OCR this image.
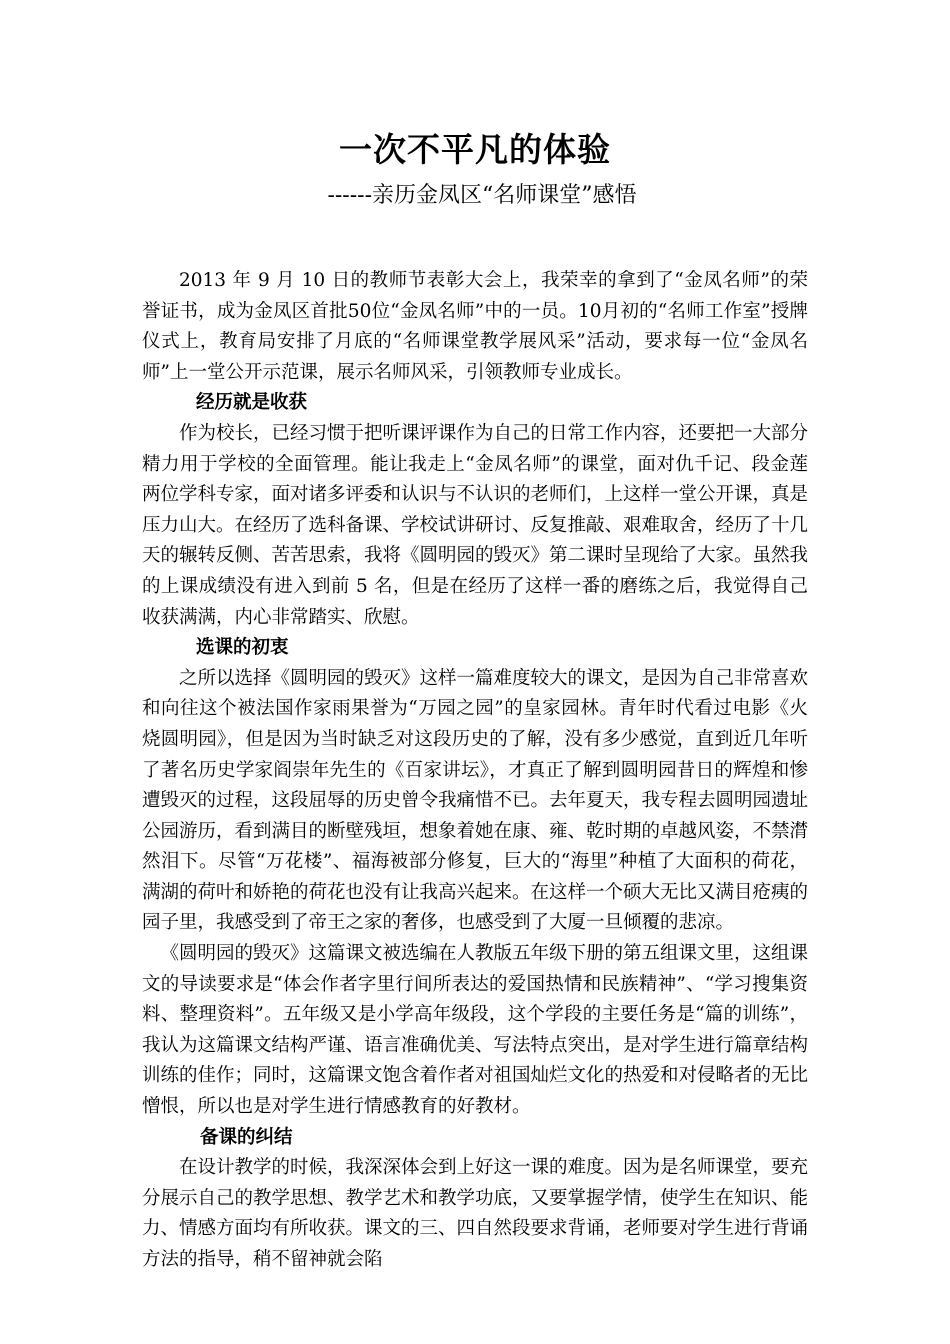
一次不平凡的体验
------亲历金凤区“名师课堂”感悟

2013 年 9 月 10 日的教师节表彰大会上，我荣幸的拿到了“金凤名师”的荣誉证书，成为金凤区首批50位“金凤名师”中的一员。10月初的“名师工作室”授牌仪式上，教育局安排了月底的“名师课堂教学展风采”活动，要求每一位“金凤名师”上一堂公开示范课，展示名师风采，引领教师专业成长。

经历就是收获

作为校长，已经习惯于把听课评课作为自己的日常工作内容，还要把一大部分精力用于学校的全面管理。能让我走上“金凤名师”的课堂，面对仇千记、段金莲两位学科专家，面对诸多评委和认识与不认识的老师们，上这样一堂公开课，真是压力山大。在经历了选科备课、学校试讲研讨、反复推敲、艰难取舍，经历了十几天的辗转反侧、苦苦思索，我将《圆明园的毁灭》第二课时呈现给了大家。虽然我的上课成绩没有进入到前 5 名，但是在经历了这样一番的磨练之后，我觉得自己收获满满，内心非常踏实、欣慰。

选课的初衷

之所以选择《圆明园的毁灭》这样一篇难度较大的课文，是因为自己非常喜欢和向往这个被法国作家雨果誉为“万园之园”的皇家园林。青年时代看过电影《火烧圆明园》，但是因为当时缺乏对这段历史的了解，没有多少感觉，直到近几年听了著名历史学家阎崇年先生的《百家讲坛》，才真正了解到圆明园昔日的辉煌和惨遭毁灭的过程，这段屈辱的历史曾令我痛惜不已。去年夏天，我专程去圆明园遗址公园游历，看到满目的断壁残垣，想象着她在康、雍、乾时期的卓越风姿，不禁潸然泪下。尽管“万花楼”、福海被部分修复，巨大的“海里”种植了大面积的荷花，满湖的荷叶和娇艳的荷花也没有让我高兴起来。在这样一个硕大无比又满目疮痍的园子里，我感受到了帝王之家的奢侈，也感受到了大厦一旦倾覆的悲凉。

《圆明园的毁灭》这篇课文被选编在人教版五年级下册的第五组课文里，这组课文的导读要求是“体会作者字里行间所表达的爱国热情和民族精神”、“学习搜集资料、整理资料”。五年级又是小学高年级段，这个学段的主要任务是“篇的训练”，我认为这篇课文结构严谨、语言准确优美、写法特点突出，是对学生进行篇章结构训练的佳作；同时，这篇课文饱含着作者对祖国灿烂文化的热爱和对侵略者的无比憎恨，所以也是对学生进行情感教育的好教材。

备课的纠结

在设计教学的时候，我深深体会到上好这一课的难度。因为是名师课堂，要充分展示自己的教学思想、教学艺术和教学功底，又要掌握学情，使学生在知识、能力、情感方面均有所收获。课文的三、四自然段要求背诵，老师要对学生进行背诵方法的指导，稍不留神就会陷
